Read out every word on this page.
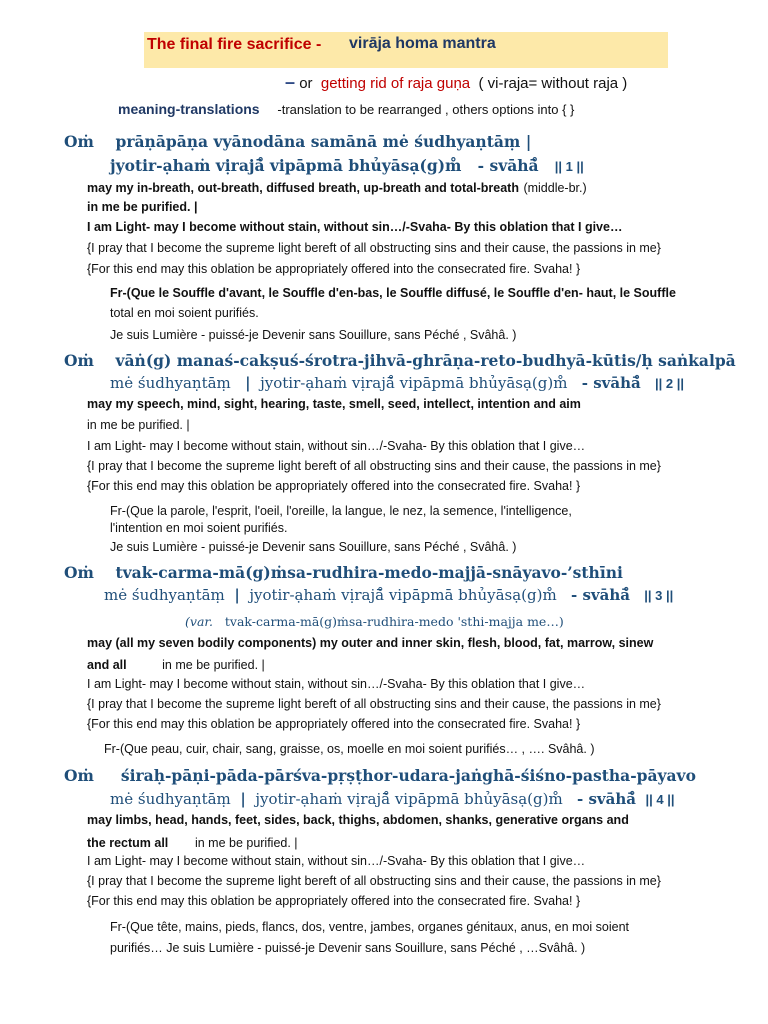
The final fire sacrifice - virāja homa mantra
– or getting rid of raja guṇa ( vi-raja= without raja )
meaning-translations -translation to be rearranged , others options into { }
Oṁ prāṇāpāṇa vyānodāna samānā mė śudhyaṇtāṃ |
jyotir-ạhaṁ vịrajā̊ vipāpmā bhủyāsạ(g)m̊ - svāhā̊ || 1 ||
may my in-breath, out-breath, diffused breath, up-breath and total-breath (middle-br.)
in me be purified. |
I am Light- may I become without stain, without sin…/-Svaha- By this oblation that I give…
{I pray that I become the supreme light bereft of all obstructing sins and their cause, the passions in me}
{For this end may this oblation be appropriately offered into the consecrated fire. Svaha! }
Fr-(Que le Souffle d'avant, le Souffle d'en-bas, le Souffle diffusé, le Souffle d'en- haut, le Souffle
total en moi soient purifiés.
Je suis Lumière - puissé-je Devenir sans Souillure, sans Péché , Svâhâ. )
Oṁ vāṅ(g) manaś-cakṣuś-śrotra-jihvā-ghrāṇa-reto-budhyā-kūtis/ḥ saṅkalpā
mė śudhyaṇtāṃ | jyotir-ạhaṁ vịrajā̊ vipāpmā bhủyāsạ(g)m̊ - svāhā̊ || 2 ||
may my speech, mind, sight, hearing, taste, smell, seed, intellect, intention and aim
in me be purified. |
I am Light- may I become without stain, without sin…/-Svaha- By this oblation that I give…
{I pray that I become the supreme light bereft of all obstructing sins and their cause, the passions in me}
{For this end may this oblation be appropriately offered into the consecrated fire. Svaha! }
Fr-(Que la parole, l'esprit, l'oeil, l'oreille, la langue, le nez, la semence, l'intelligence,
l'intention en moi soient purifiés.
Je suis Lumière - puissé-je Devenir sans Souillure, sans Péché , Svâhâ. )
Oṁ tvak-carma-mā(g)ṁsa-rudhira-medo-majjā-snāyavo-’sthīni
mė śudhyaṇtāṃ | jyotir-ạhaṁ vịrajā̊ vipāpmā bhủyāsạ(g)m̊ - svāhā̊ || 3 ||
(var. tvak-carma-mā(g)ṁsa-rudhira-medo 'sthi-majja me…)
may (all my seven bodily components) my outer and inner skin, flesh, blood, fat, marrow, sinew
and all	in me be purified. |
I am Light- may I become without stain, without sin…/-Svaha- By this oblation that I give…
{I pray that I become the supreme light bereft of all obstructing sins and their cause, the passions in me}
{For this end may this oblation be appropriately offered into the consecrated fire. Svaha! }
Fr-(Que peau, cuir, chair, sang, graisse, os, moelle en moi soient purifiés… , …. Svâhâ. )
Oṁ śiraḥ-pāṇi-pāda-pārśva-pṛṣṭhor-udara-jaṅghā-śiśno-pastha-pāyavo
mė śudhyaṇtāṃ | jyotir-ạhaṁ vịrajā̊ vipāpmā bhủyāsạ(g)m̊ - svāhā̊ || 4 ||
may limbs, head, hands, feet, sides, back, thighs, abdomen, shanks, generative organs and
the rectum all in me be purified. |
I am Light- may I become without stain, without sin…/-Svaha- By this oblation that I give…
{I pray that I become the supreme light bereft of all obstructing sins and their cause, the passions in me}
{For this end may this oblation be appropriately offered into the consecrated fire. Svaha! }
Fr-(Que tête, mains, pieds, flancs, dos, ventre, jambes, organes génitaux, anus, en moi soient
purifiés… Je suis Lumière - puissé-je Devenir sans Souillure, sans Péché , …Svâhâ. )
